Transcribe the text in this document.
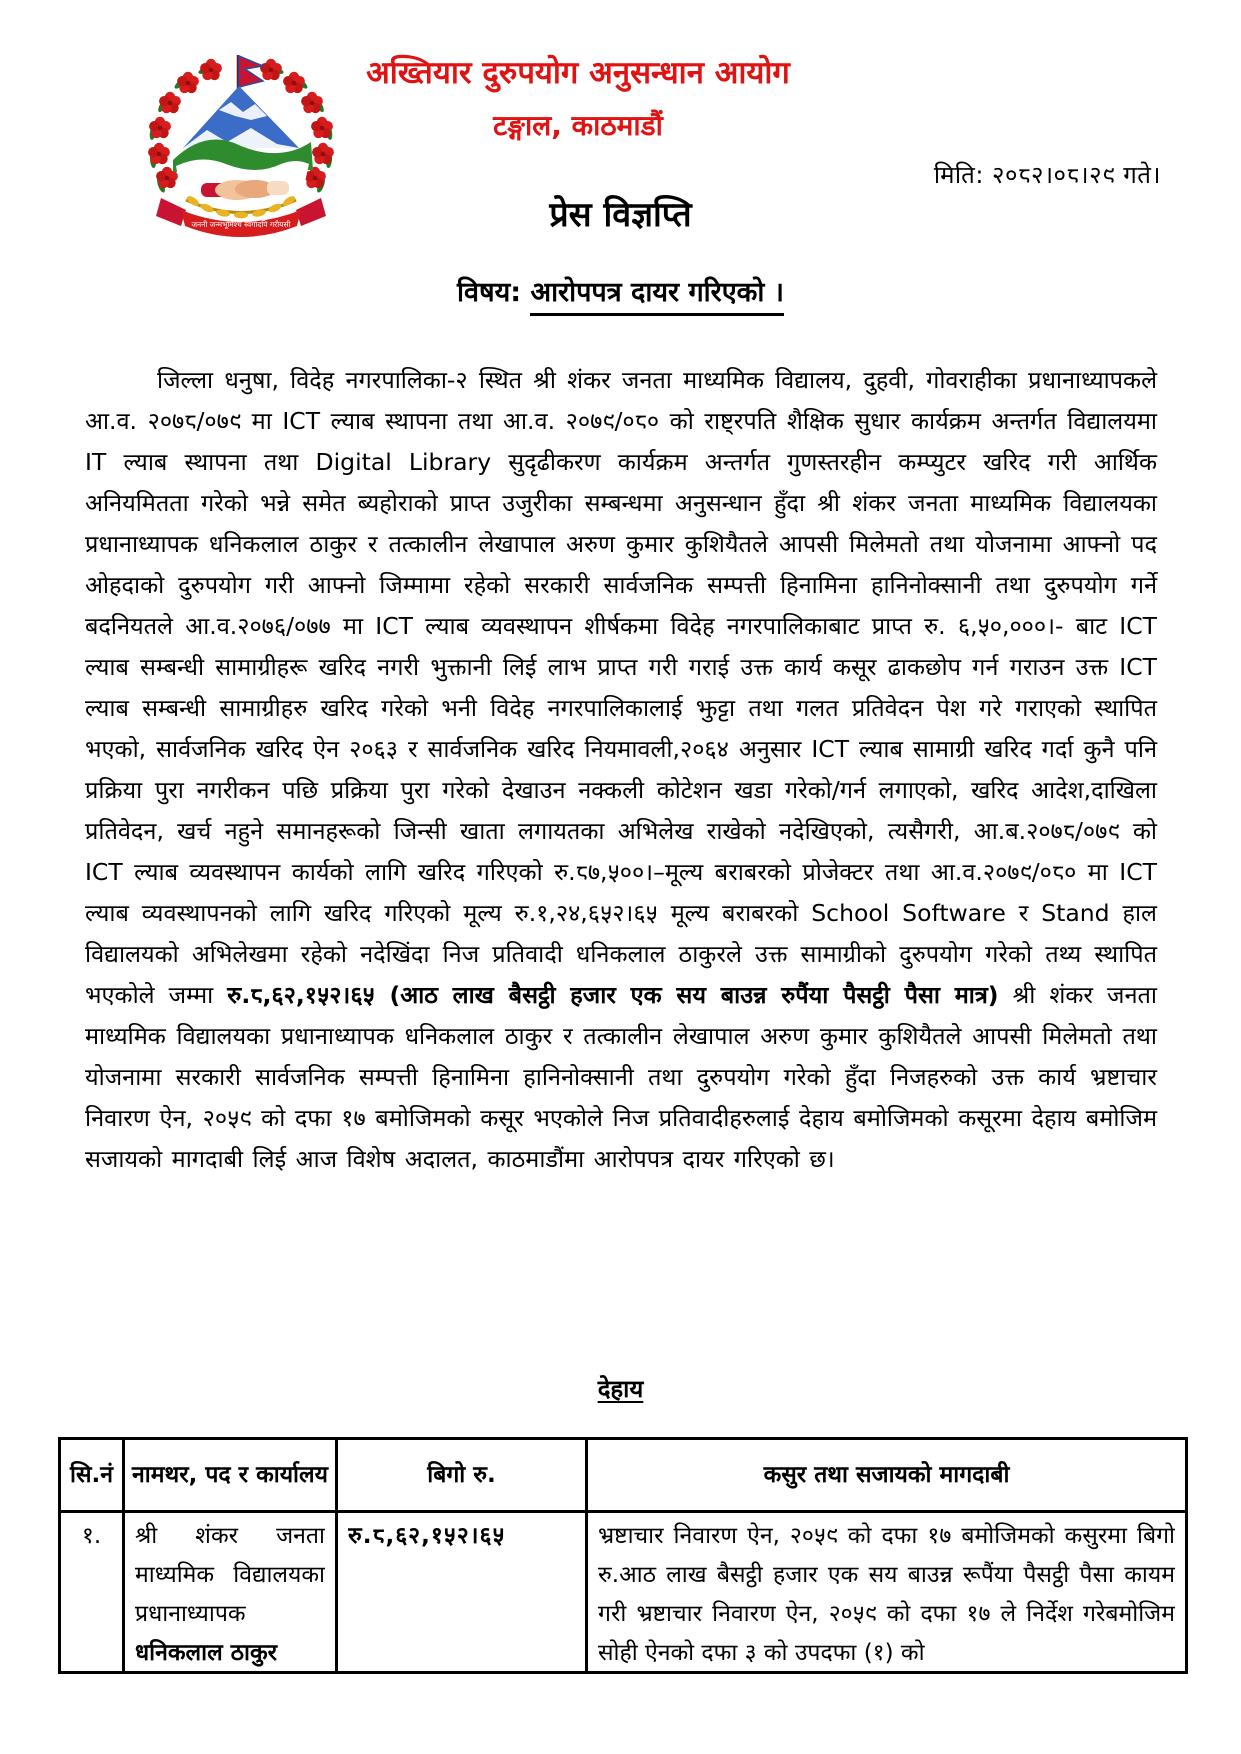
जननी जन्मभूमिश्च स्वर्गादपि गरीयसी
अख्तियार दुरुपयोग अनुसन्धान आयोग
टङ्गाल, काठमाडौं
मिति: २०८२।०८।२९ गते।
प्रेस विज्ञप्ति
विषय: आरोपपत्र दायर गरिएको ।

जिल्ला धनुषा, विदेह नगरपालिका-२ स्थित श्री शंकर जनता माध्यमिक विद्यालय, दुहवी, गोवराहीका प्रधानाध्यापकले आ.व. २०७८/०७९ मा ICT ल्याब स्थापना तथा आ.व. २०७९/०८० को राष्ट्रपति शैक्षिक सुधार कार्यक्रम अन्तर्गत विद्यालयमा IT ल्याब स्थापना तथा Digital Library सुदृढीकरण कार्यक्रम अन्तर्गत गुणस्तरहीन कम्प्युटर खरिद गरी आर्थिक अनियमितता गरेको भन्ने समेत ब्यहोराको प्राप्त उजुरीका सम्बन्धमा अनुसन्धान हुँदा श्री शंकर जनता माध्यमिक विद्यालयका प्रधानाध्यापक धनिकलाल ठाकुर र तत्कालीन लेखापाल अरुण कुमार कुशियैतले आपसी मिलेमतो तथा योजनामा आफ्नो पद ओहदाको दुरुपयोग गरी आफ्नो जिम्मामा रहेको सरकारी सार्वजनिक सम्पत्ती हिनामिना हानिनोक्सानी तथा दुरुपयोग गर्ने बदनियतले आ.व.२०७६/०७७ मा ICT ल्याब व्यवस्थापन शीर्षकमा विदेह नगरपालिकाबाट प्राप्त रु. ६,५०,०००।- बाट ICT ल्याब सम्बन्धी सामाग्रीहरू खरिद नगरी भुक्तानी लिई लाभ प्राप्त गरी गराई उक्त कार्य कसूर ढाकछोप गर्न गराउन उक्त ICT ल्याब सम्बन्धी सामाग्रीहरु खरिद गरेको भनी विदेह नगरपालिकालाई झुट्टा तथा गलत प्रतिवेदन पेश गरे गराएको स्थापित भएको, सार्वजनिक खरिद ऐन २०६३ र सार्वजनिक खरिद नियमावली,२०६४ अनुसार ICT ल्याब सामाग्री खरिद गर्दा कुनै पनि प्रक्रिया पुरा नगरीकन पछि प्रक्रिया पुरा गरेको देखाउन नक्कली कोटेशन खडा गरेको/गर्न लगाएको, खरिद आदेश,दाखिला प्रतिवेदन, खर्च नहुने समानहरूको जिन्सी खाता लगायतका अभिलेख राखेको नदेखिएको, त्यसैगरी, आ.ब.२०७८/०७९ को ICT ल्याब व्यवस्थापन कार्यको लागि खरिद गरिएको रु.८७,५००।–मूल्य बराबरको प्रोजेक्टर तथा आ.व.२०७९/०८० मा ICT ल्याब व्यवस्थापनको लागि खरिद गरिएको मूल्य रु.१,२४,६५२।६५ मूल्य बराबरको School Software र Stand हाल विद्यालयको अभिलेखमा रहेको नदेखिंदा निज प्रतिवादी धनिकलाल ठाकुरले उक्त सामाग्रीको दुरुपयोग गरेको तथ्य स्थापित भएकोले जम्मा रु.८,६२,१५२।६५ (आठ लाख बैसट्ठी हजार एक सय बाउन्न रुपैंया पैसट्ठी पैसा मात्र) श्री शंकर जनता माध्यमिक विद्यालयका प्रधानाध्यापक धनिकलाल ठाकुर र तत्कालीन लेखापाल अरुण कुमार कुशियैतले आपसी मिलेमतो तथा योजनामा सरकारी सार्वजनिक सम्पत्ती हिनामिना हानिनोक्सानी तथा दुरुपयोग गरेको हुँदा निजहरुको उक्त कार्य भ्रष्टाचार निवारण ऐन, २०५९ को दफा १७ बमोजिमको कसूर भएकोले निज प्रतिवादीहरुलाई देहाय बमोजिमको कसूरमा देहाय बमोजिम सजायको मागदाबी लिई आज विशेष अदालत, काठमाडौंमा आरोपपत्र दायर गरिएको छ।

देहाय
सि.नं	नामथर, पद र कार्यालय	बिगो रु.	कसुर तथा सजायको मागदाबी

१.	श्री शंकर जनता माध्यमिक विद्यालयका प्रधानाध्यापक धनिकलाल ठाकुर	रु.८,६२,१५२।६५	भ्रष्टाचार निवारण ऐन, २०५९ को दफा १७ बमोजिमको कसुरमा बिगो रु.आठ लाख बैसट्ठी हजार एक सय बाउन्न रूपैंया पैसट्ठी पैसा कायम गरी भ्रष्टाचार निवारण ऐन, २०५९ को दफा १७ ले निर्देश गरेबमोजिम सोही ऐनको दफा ३ को उपदफा (१) को
